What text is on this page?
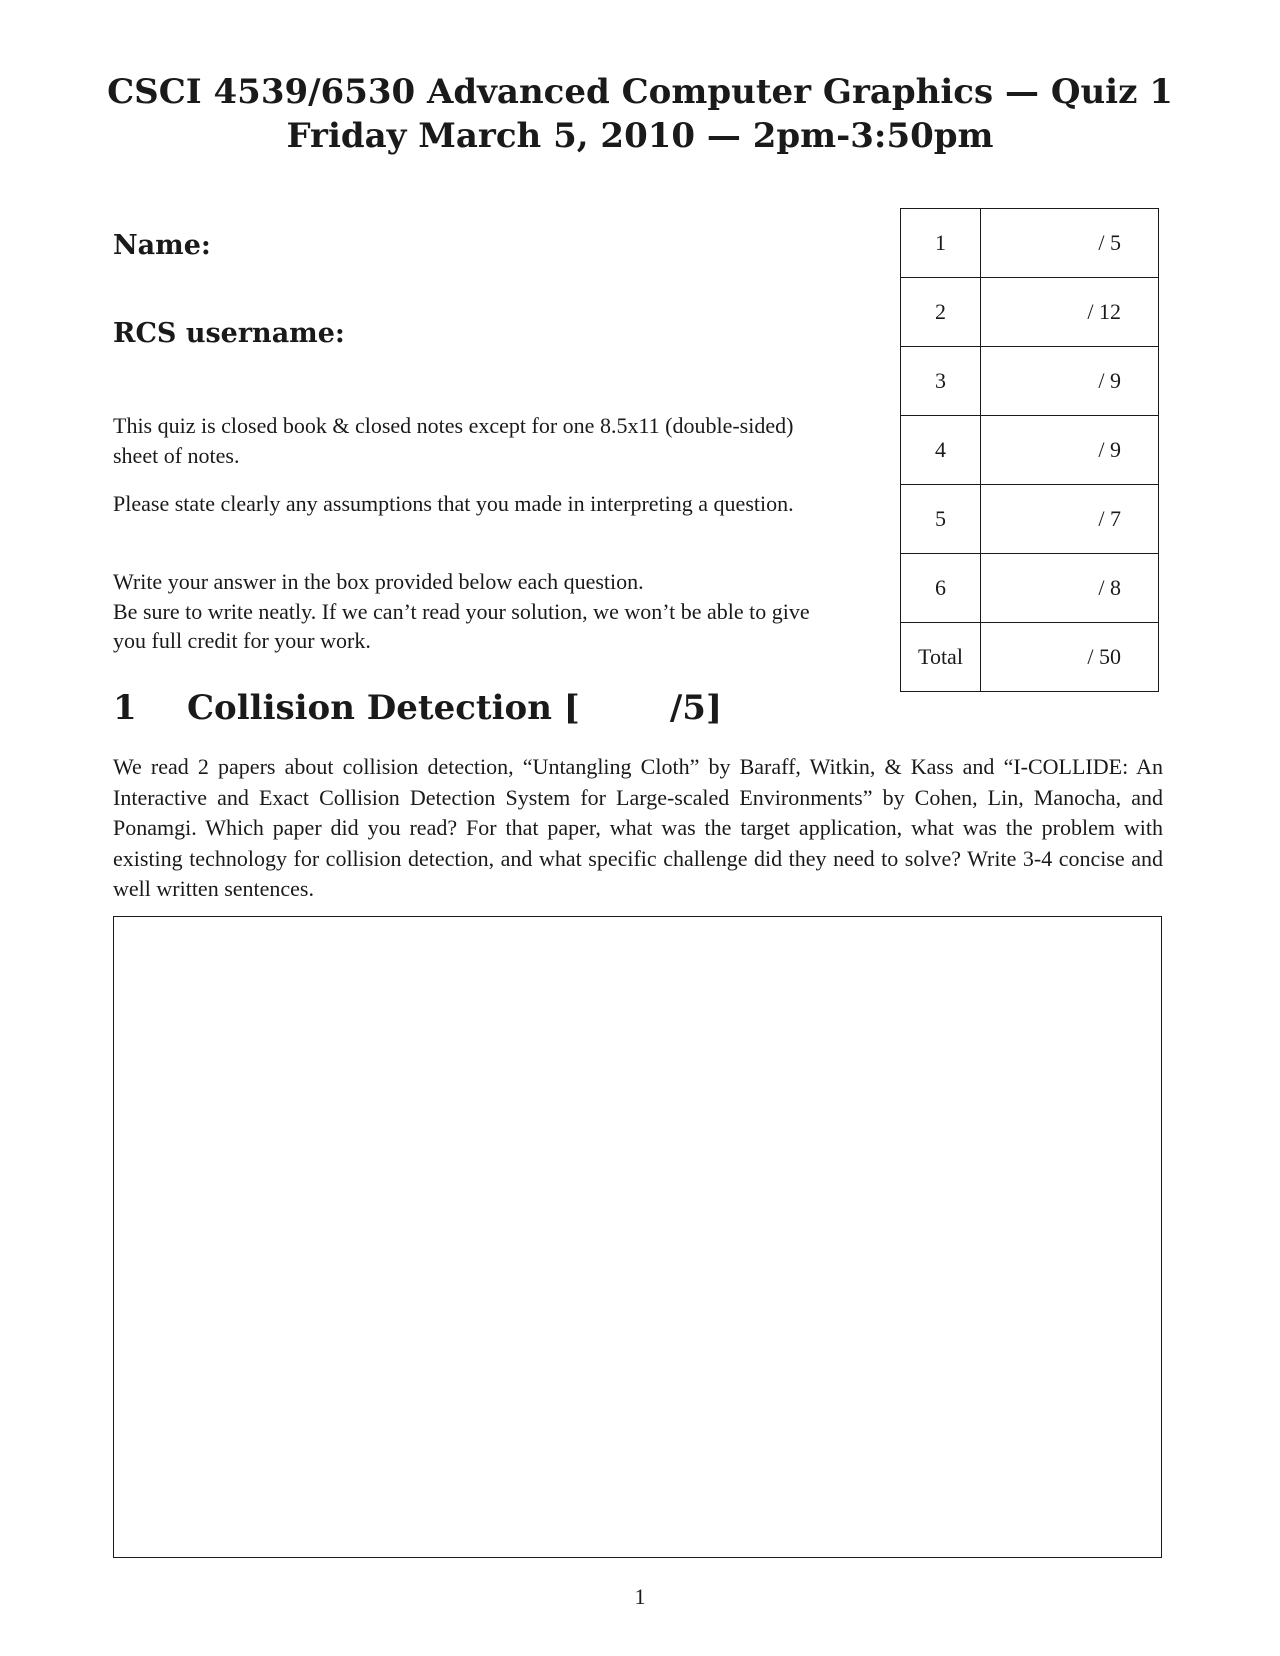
CSCI 4539/6530 Advanced Computer Graphics — Quiz 1
Friday March 5, 2010 — 2pm-3:50pm
Name:
RCS username:

This quiz is closed book & closed notes except for one 8.5x11 (double-sided) sheet of notes.

Please state clearly any assumptions that you made in interpreting a question.

Write your answer in the box provided below each question.
Be sure to write neatly. If we can’t read your solution, we won’t be able to give you full credit for your work.

1	/ 5
2	/ 12
3	/ 9
4	/ 9
5	/ 7
6	/ 8
Total	/ 50
1 Collision Detection [	/5]

We read 2 papers about collision detection, “Untangling Cloth” by Baraff, Witkin, & Kass and “I-COLLIDE: An Interactive and Exact Collision Detection System for Large-scaled Environments” by Cohen, Lin, Manocha, and Ponamgi. Which paper did you read? For that paper, what was the target application, what was the problem with existing technology for collision detection, and what specific challenge did they need to solve? Write 3-4 concise and well written sentences.

1
